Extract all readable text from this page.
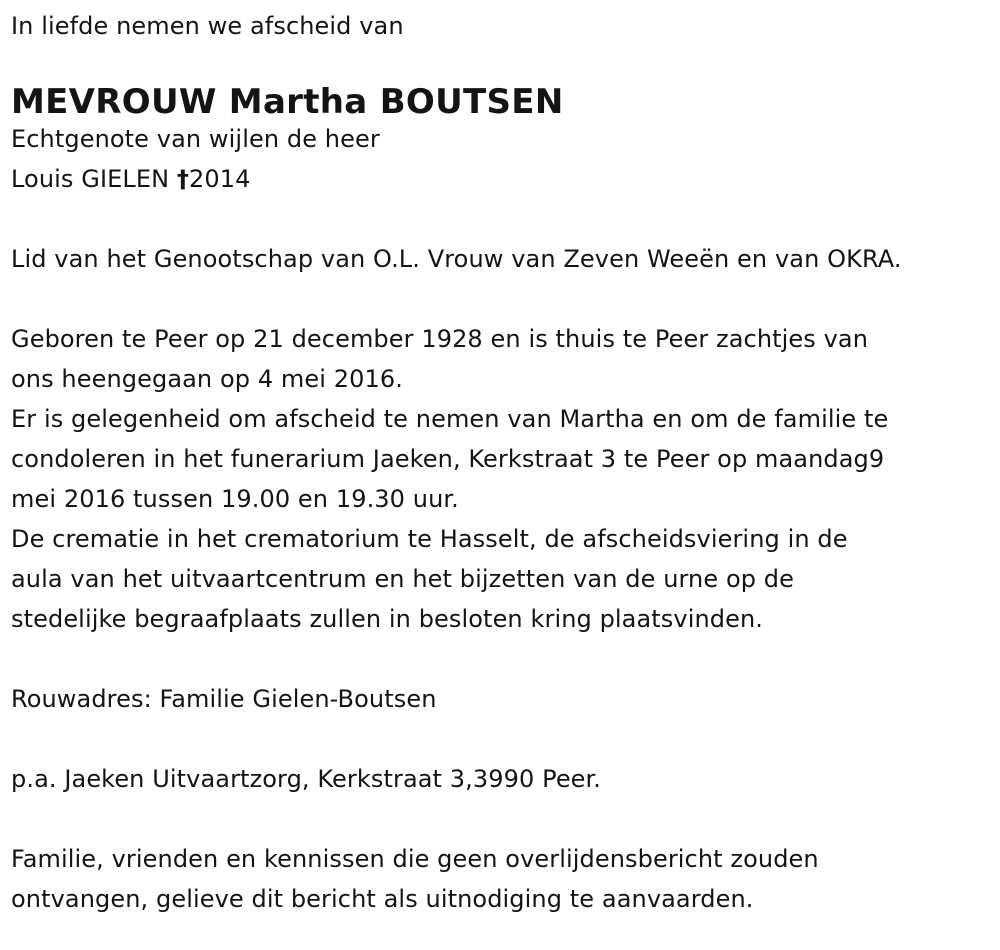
In liefde nemen we afscheid van
MEVROUW Martha BOUTSEN
Echtgenote van wijlen de heer
Louis GIELEN †2014
Lid van het Genootschap van O.L. Vrouw van Zeven Weeën en van OKRA.
Geboren te Peer op 21 december 1928 en is thuis te Peer zachtjes van
ons heengegaan op 4 mei 2016.
Er is gelegenheid om afscheid te nemen van Martha en om de familie te
condoleren in het funerarium Jaeken, Kerkstraat 3 te Peer op maandag9
mei 2016 tussen 19.00 en 19.30 uur.
De crematie in het crematorium te Hasselt, de afscheidsviering in de
aula van het uitvaartcentrum en het bijzetten van de urne op de
stedelijke begraafplaats zullen in besloten kring plaatsvinden.
Rouwadres: Familie Gielen-Boutsen
p.a. Jaeken Uitvaartzorg, Kerkstraat 3,3990 Peer.
Familie, vrienden en kennissen die geen overlijdensbericht zouden
ontvangen, gelieve dit bericht als uitnodiging te aanvaarden.
